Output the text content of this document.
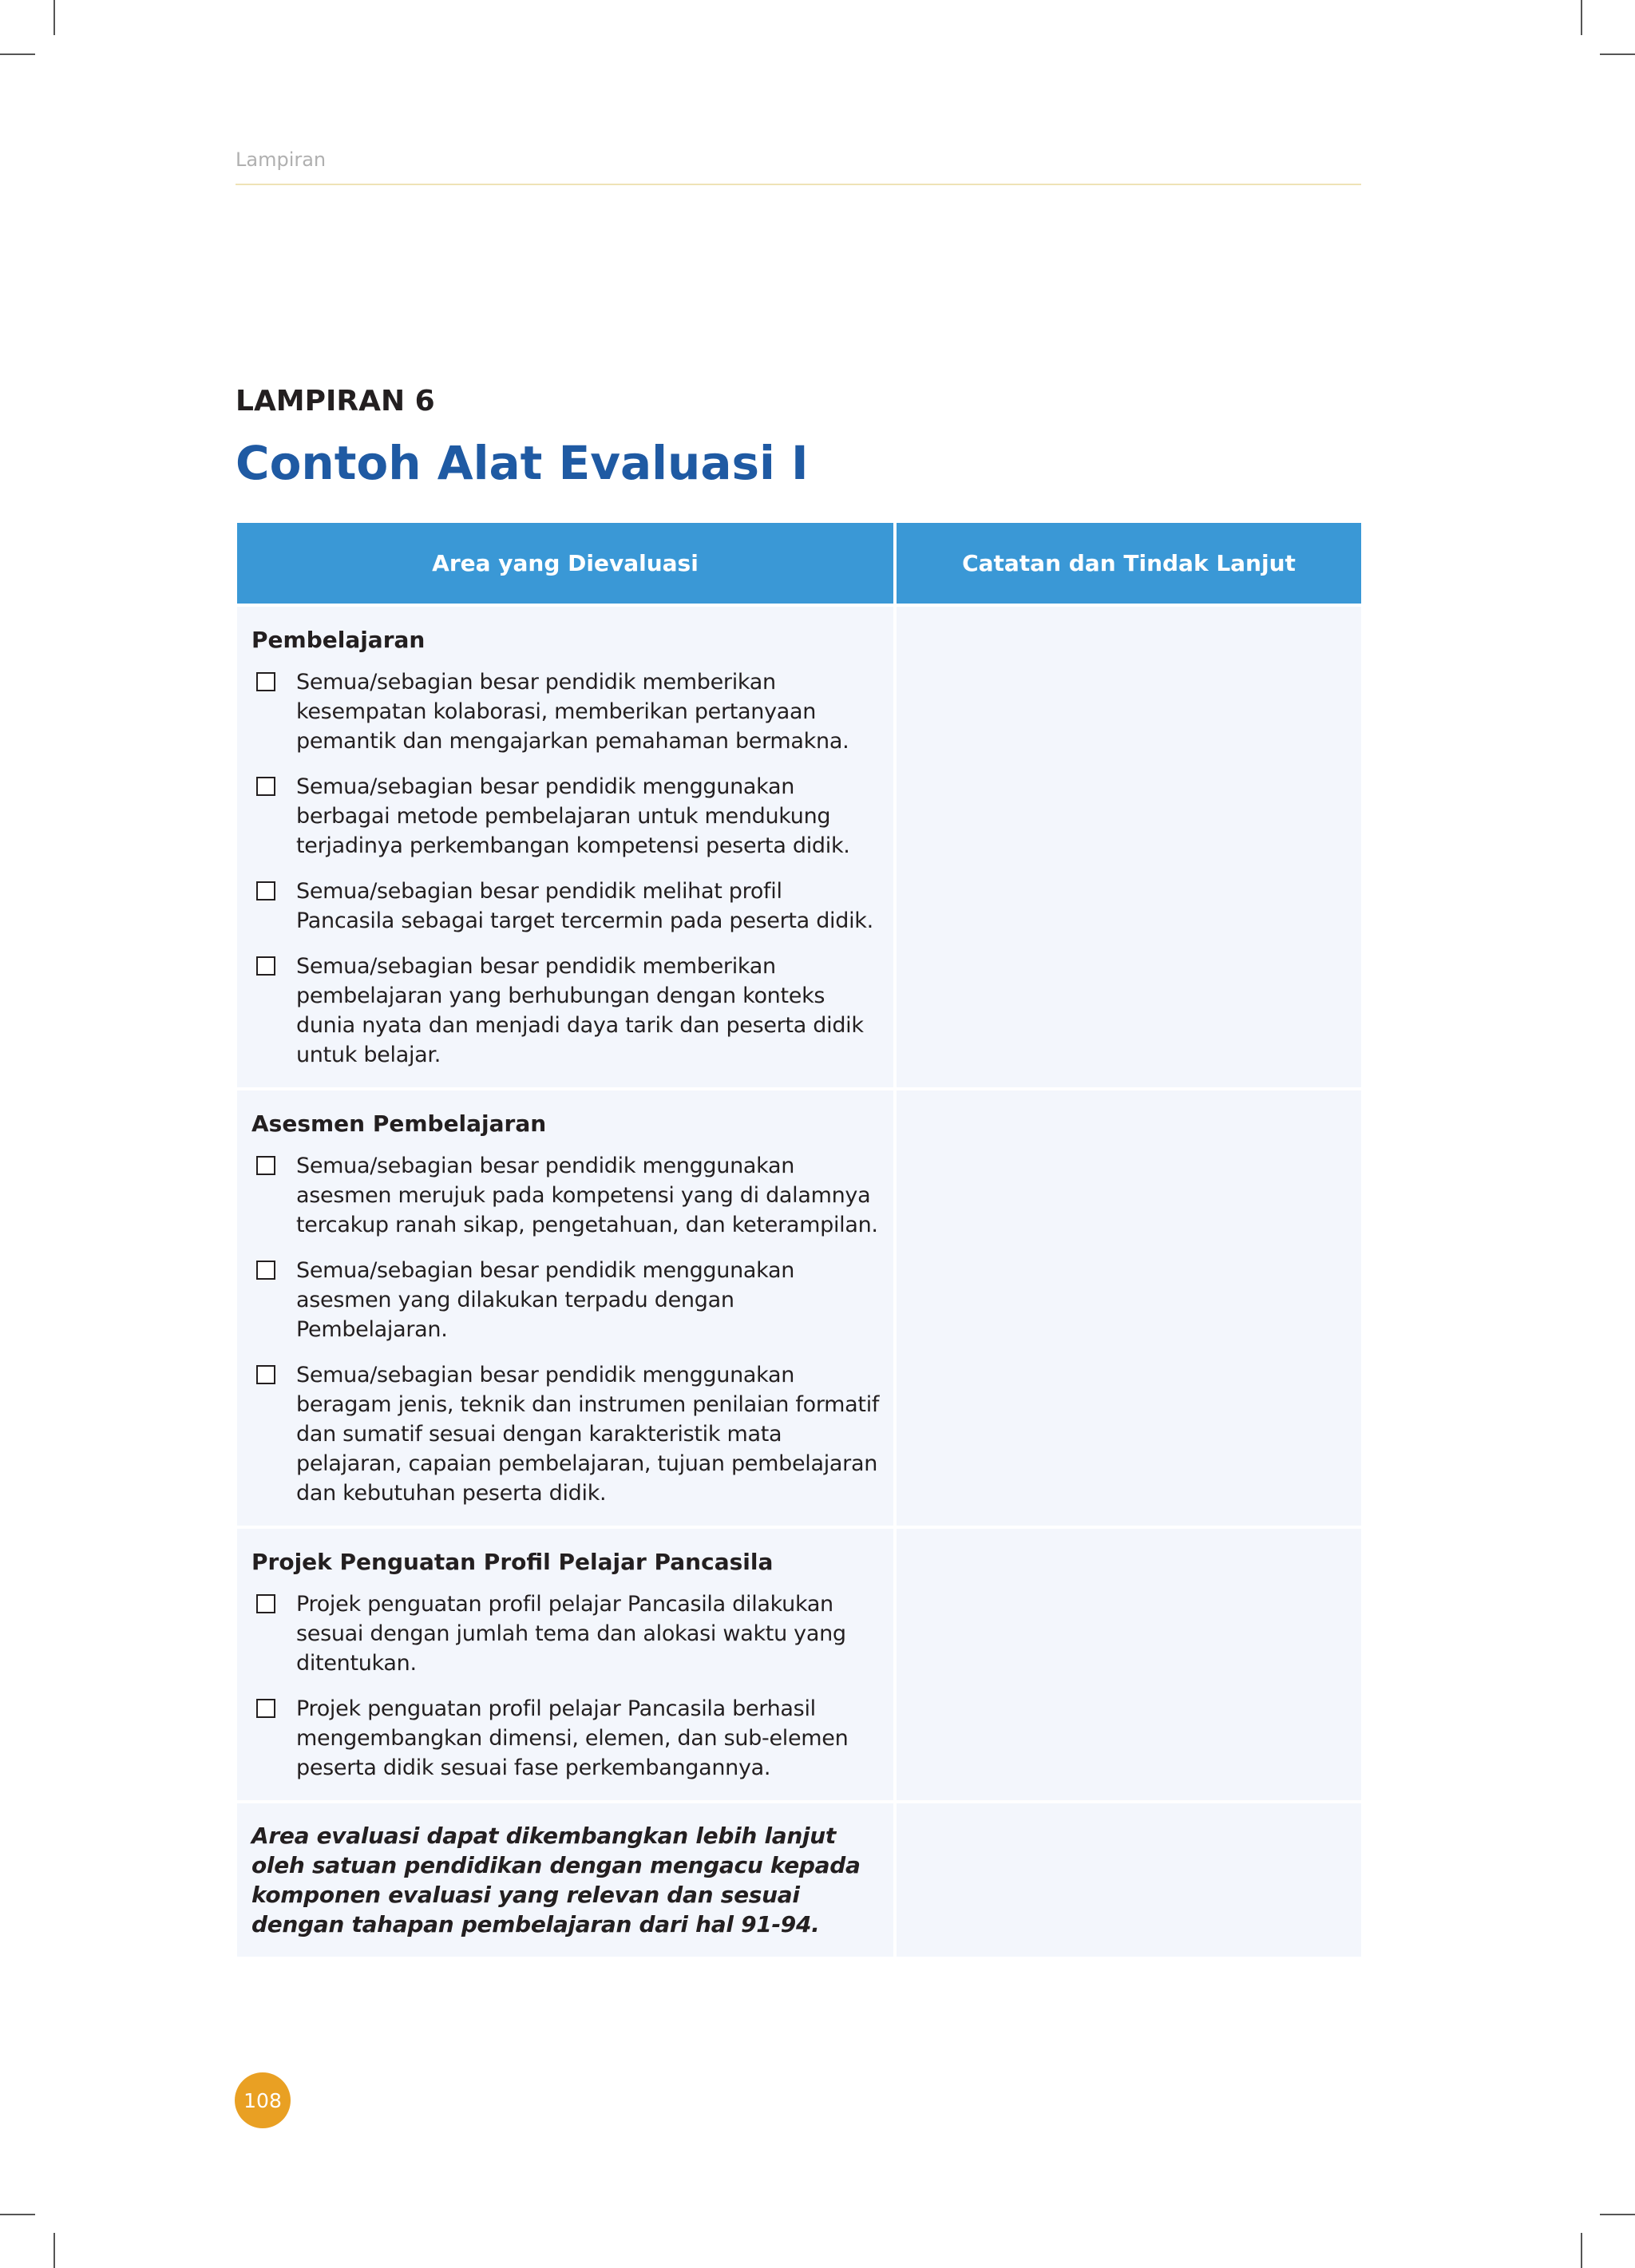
Lampiran
LAMPIRAN 6
Contoh Alat Evaluasi I
Area yang Dievaluasi	Catatan dan Tindak Lanjut

Pembelajaran
Semua/sebagian besar pendidik memberikan kesempatan kolaborasi, memberikan pertanyaan pemantik dan mengajarkan pemahaman bermakna.
Semua/sebagian besar pendidik menggunakan berbagai metode pembelajaran untuk mendukung terjadinya perkembangan kompetensi peserta didik.
Semua/sebagian besar pendidik melihat profil Pancasila sebagai target tercermin pada peserta didik.
Semua/sebagian besar pendidik memberikan pembelajaran yang berhubungan dengan konteks dunia nyata dan menjadi daya tarik dan peserta didik untuk belajar.	

Asesmen Pembelajaran
Semua/sebagian besar pendidik menggunakan asesmen merujuk pada kompetensi yang di dalamnya tercakup ranah sikap, pengetahuan, dan keterampilan.
Semua/sebagian besar pendidik menggunakan asesmen yang dilakukan terpadu dengan Pembelajaran.
Semua/sebagian besar pendidik menggunakan beragam jenis, teknik dan instrumen penilaian formatif dan sumatif sesuai dengan karakteristik mata pelajaran, capaian pembelajaran, tujuan pembelajaran dan kebutuhan peserta didik.	

Projek Penguatan Profil Pelajar Pancasila
Projek penguatan profil pelajar Pancasila dilakukan sesuai dengan jumlah tema dan alokasi waktu yang ditentukan.
Projek penguatan profil pelajar Pancasila berhasil mengembangkan dimensi, elemen, dan sub-elemen peserta didik sesuai fase perkembangannya.	

Area evaluasi dapat dikembangkan lebih lanjut oleh satuan pendidikan dengan mengacu kepada komponen evaluasi yang relevan dan sesuai dengan tahapan pembelajaran dari hal 91-94.	

108
